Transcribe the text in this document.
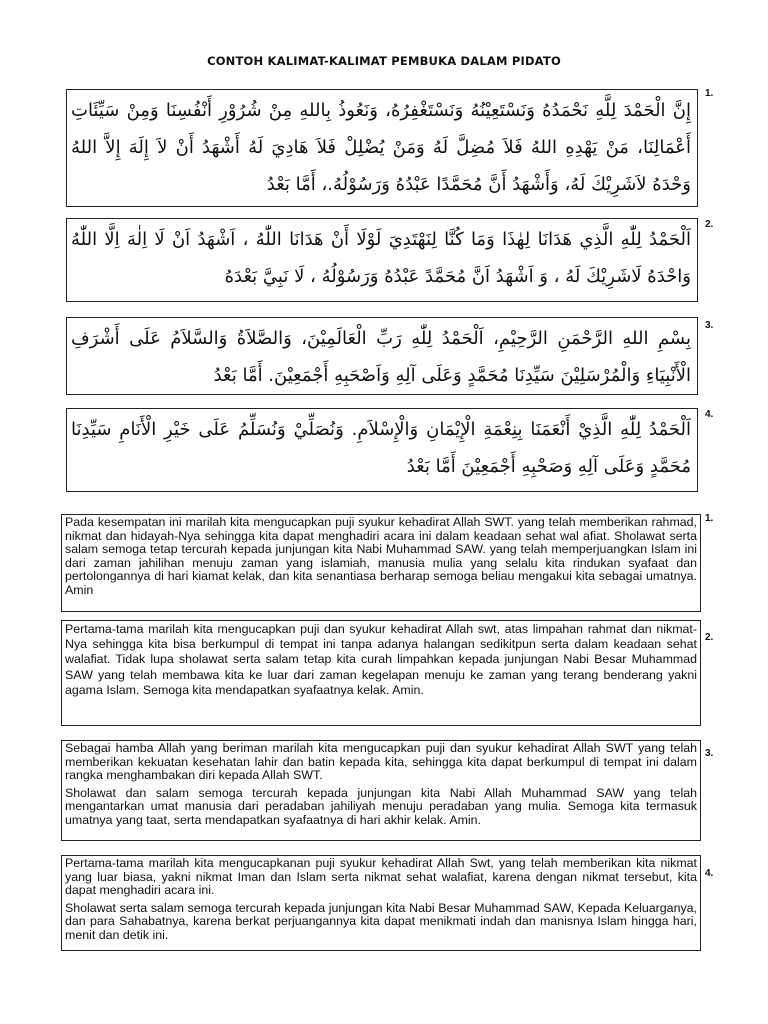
CONTOH KALIMAT-KALIMAT PEMBUKA DALAM PIDATO
إِنَّ الْحَمْدَ لِلَّهِ نَحْمَدُهُ وَنَسْتَعِيْنُهُ وَنَسْتَغْفِرُهُ، وَنَعُوذُ بِاللهِ مِنْ شُرُوْرِ أَنْفُسِنَا وَمِنْ سَيِّئَاتِ أَعْمَالِنَا، مَنْ يَهْدِهِ اللهُ فَلاَ مُضِلَّ لَهُ وَمَنْ يُضْلِلْ فَلاَ هَادِيَ لَهُ أَشْهَدُ أَنْ لاَ إِلَهَ إِلاَّ اللهُ وَحْدَهُ لاَشَرِيْكَ لَهُ، وَأَشْهَدُ أَنَّ مُحَمَّدًا عَبْدُهُ وَرَسُوْلُهُ.، أَمَّا بَعْدُ
1.
اَلْحَمْدُ لِلّٰهِ الَّذِي هَدَانَا لِهٰذَا وَمَا كُنَّا لِنَهْتَدِيَ لَوْلَا أَنْ هَدَانَا اللّٰهُ ، اَشْهَدُ اَنْ لَا اِلٰهَ اِلَّا اللّٰهُ وَاحْدَهُ لَاشَرِيْكَ لَهُ ، وَ اَشْهَدُ اَنَّ مُحَمَّدً عَبْدُهُ وَرَسُوْلُهُ ، لَا نَبِيَّ بَعْدَهُ
2.
بِسْمِ اللهِ الرَّحْمَنِ الرَّحِيْمِ، اَلْحَمْدُ لِلّٰهِ رَبِّ الْعَالَمِيْنَ، وَالصَّلاَةُ وَالسَّلاَمُ عَلَى أَشْرَفِ الْأَنْبِيَاءِ وَالْمُرْسَلِيْنَ سَيِّدِنَا مُحَمَّدٍ وَعَلَى آلِهِ وَاَصْحَبِهِ أَجْمَعِيْنَ. أَمَّا بَعْدُ
3.
اَلْحَمْدُ لِلّٰهِ الَّذِيْ أَنْعَمَنَا بِنِعْمَةِ الْإِيْمَانِ وَالْإِسْلاَمِ. وَنُصَلِّيْ وَنُسَلِّمُ عَلَى خَيْرِ الْأَنَامِ سَيِّدِنَا مُحَمَّدٍ وَعَلَى آلِهِ وَصَحْبِهِ أَجْمَعِيْنَ أَمَّا بَعْدُ
4.

Pada kesempatan ini marilah kita mengucapkan puji syukur kehadirat Allah SWT. yang telah memberikan rahmad, nikmat dan hidayah-Nya sehingga kita dapat menghadiri acara ini dalam keadaan sehat wal afiat. Sholawat serta salam semoga tetap tercurah kepada junjungan kita Nabi Muhammad SAW. yang telah memperjuangkan Islam ini dari zaman jahilihan menuju zaman yang islamiah, manusia mulia yang selalu kita rindukan syafaat dan pertolongannya di hari kiamat kelak, dan kita senantiasa berharap semoga beliau mengakui kita sebagai umatnya. Amin

1.

Pertama-tama marilah kita mengucapkan puji dan syukur kehadirat Allah swt, atas limpahan rahmat dan nikmat-Nya sehingga kita bisa berkumpul di tempat ini tanpa adanya halangan sedikitpun serta dalam keadaan sehat walafiat. Tidak lupa sholawat serta salam tetap kita curah limpahkan kepada junjungan Nabi Besar Muhammad SAW yang telah membawa kita ke luar dari zaman kegelapan menuju ke zaman yang terang benderang yakni agama Islam. Semoga kita mendapatkan syafaatnya kelak. Amin.

2.

Sebagai hamba Allah yang beriman marilah kita mengucapkan puji dan syukur kehadirat Allah SWT yang telah memberikan kekuatan kesehatan lahir dan batin kepada kita, sehingga kita dapat berkumpul di tempat ini dalam rangka menghambakan diri kepada Allah SWT.

Sholawat dan salam semoga tercurah kepada junjungan kita Nabi Allah Muhammad SAW yang telah mengantarkan umat manusia dari peradaban jahiliyah menuju peradaban yang mulia. Semoga kita termasuk umatnya yang taat, serta mendapatkan syafaatnya di hari akhir kelak. Amin.

3.

Pertama-tama marilah kita mengucapkanan puji syukur kehadirat Allah Swt, yang telah memberikan kita nikmat yang luar biasa, yakni nikmat Iman dan Islam serta nikmat sehat walafiat, karena dengan nikmat tersebut, kita dapat menghadiri acara ini.

Sholawat serta salam semoga tercurah kepada junjungan kita Nabi Besar Muhammad SAW, Kepada Keluarganya, dan para Sahabatnya, karena berkat perjuangannya kita dapat menikmati indah dan manisnya Islam hingga hari, menit dan detik ini.

4.
